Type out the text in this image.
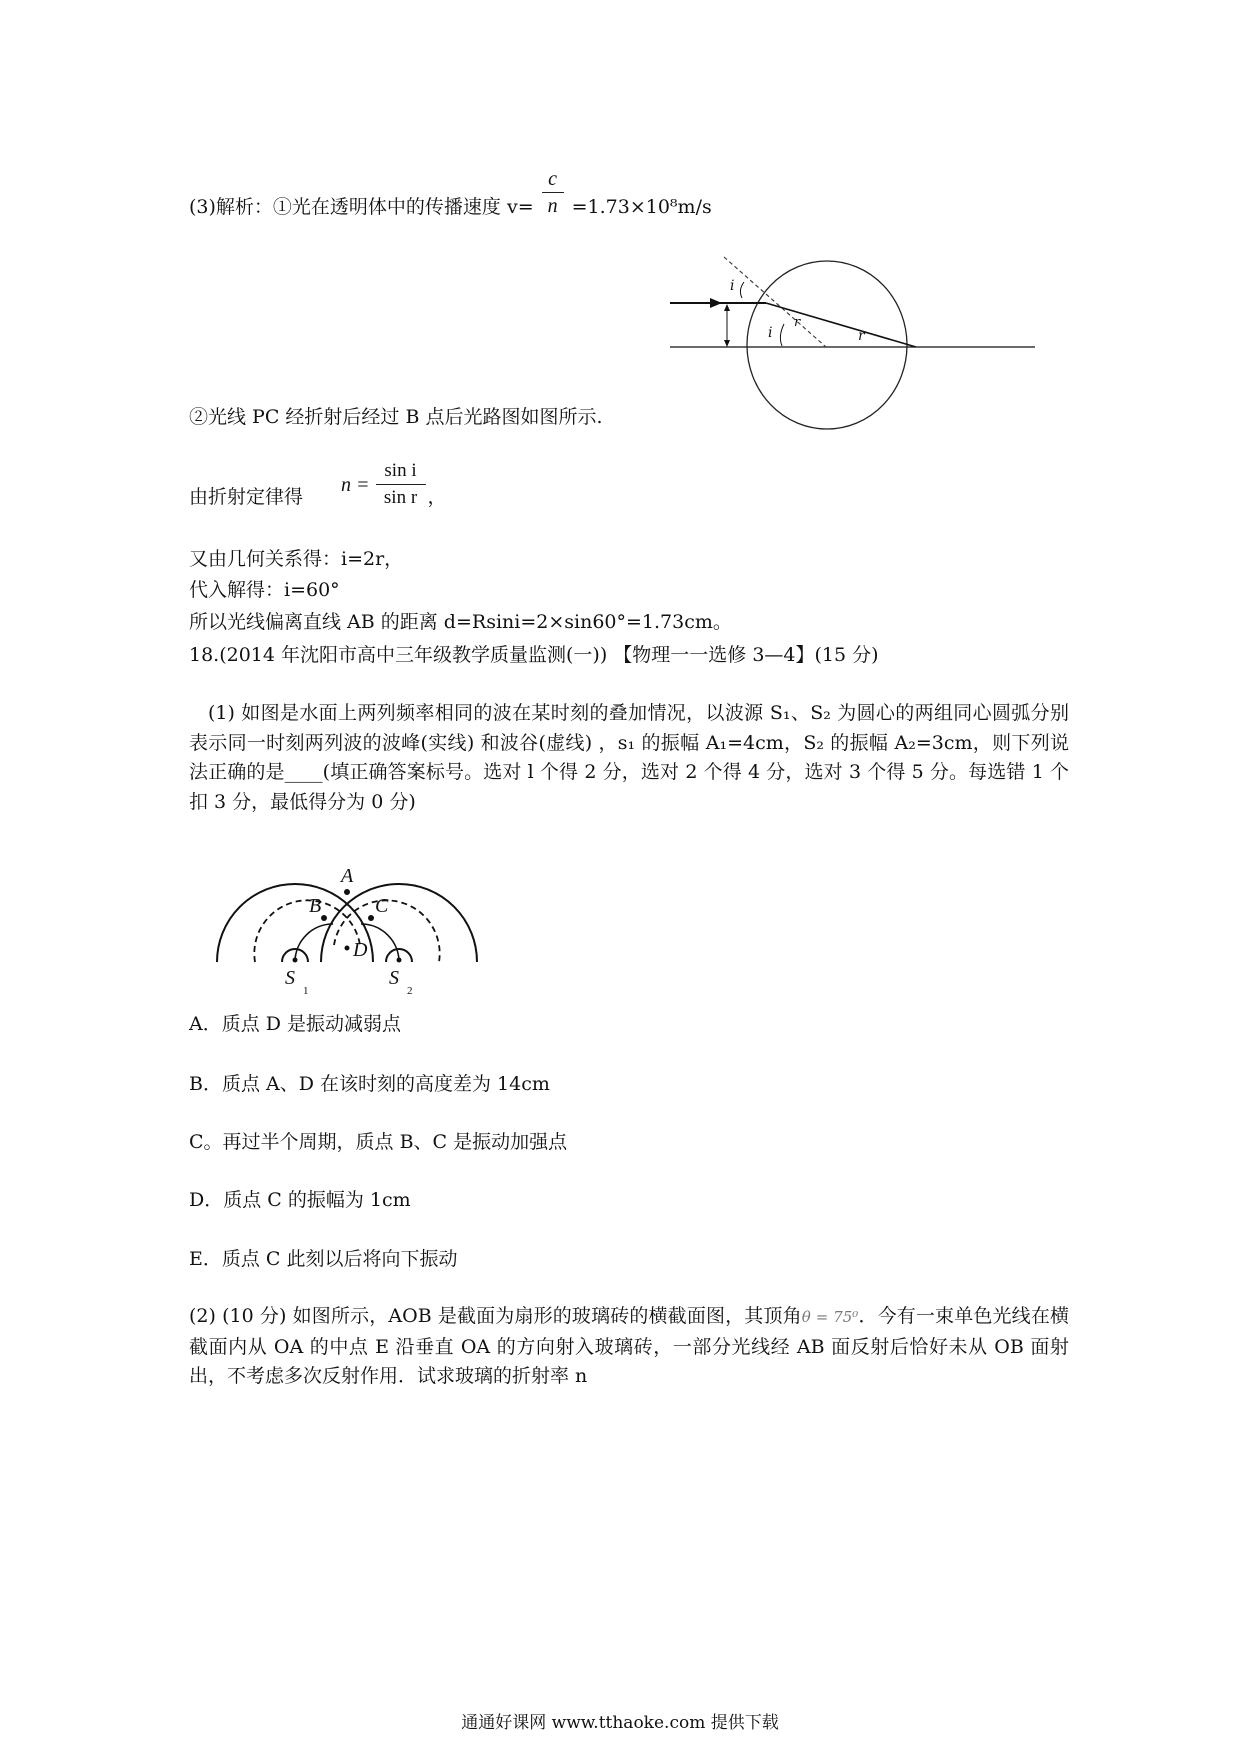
(3)解析：①光在透明体中的传播速度 $v= \frac{c}{n} =1.73\times 10^8m/s$
i
i
r
r
②光线 PC 经折射后经过 B 点后光路图如图所示.
由折射定律得
$n = \frac{\text{sin i}}{\text{sin r}}$ ，
又由几何关系得：i=2r，
代入解得：i=60°
所以光线偏离直线 AB 的距离 d=Rsini=2×sin60°=1.73cm。
18.(2014 年沈阳市高中三年级教学质量监测(一)) 【物理一一选修 3—4】(15 分)
(1) 如图是水面上两列频率相同的波在某时刻的叠加情况，以波源 S₁、S₂ 为圆心的两组同心圆弧分别表示同一时刻两列波的波峰(实线) 和波谷(虚线) ，s₁ 的振幅 A₁=4cm，S₂ 的振幅 A₂=3cm，则下列说法正确的是____(填正确答案标号。选对 l 个得 2 分，选对 2 个得 4 分，选对 3 个得 5 分。每选错 1 个扣 3 分，最低得分为 0 分)
A
B	C
D
S
1
S
2
A．质点 D 是振动减弱点
B．质点 A、D 在该时刻的高度差为 14cm
C。再过半个周期，质点 B、C 是振动加强点
D．质点 C 的振幅为 1cm
E．质点 C 此刻以后将向下振动
(2) (10 分) 如图所示，AOB 是截面为扇形的玻璃砖的横截面图，其顶角θ = 75⁰．今有一束单色光线在横截面内从 OA 的中点 E 沿垂直 OA 的方向射入玻璃砖，一部分光线经 AB 面反射后恰好未从 OB 面射出，不考虑多次反射作用．试求玻璃的折射率 n
通通好课网 www.tthaoke.com 提供下载
